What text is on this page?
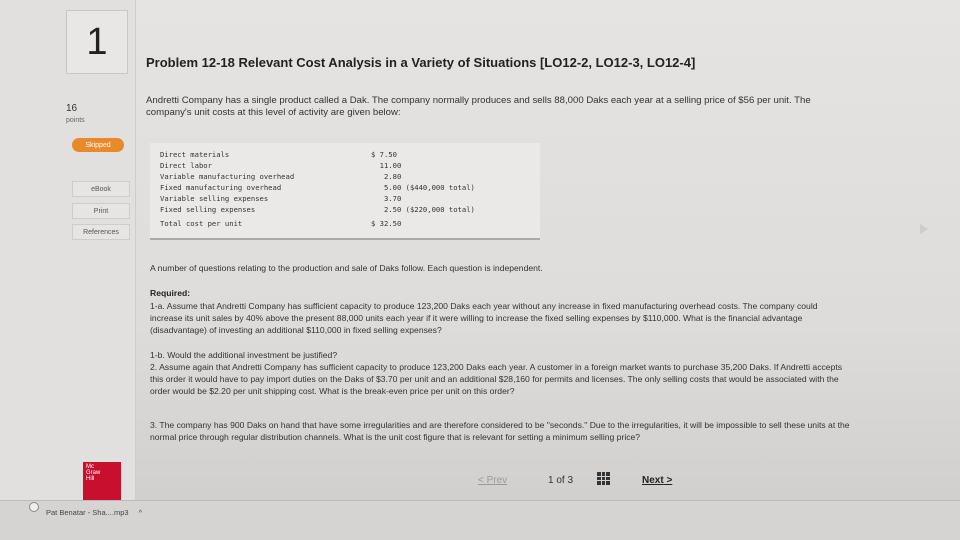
1
16
points
Skipped
eBook
Print
References
Mc
Graw
Hill
Problem 12-18 Relevant Cost Analysis in a Variety of Situations [LO12-2, LO12-3, LO12-4]
Andretti Company has a single product called a Dak. The company normally produces and sells 88,000 Daks each year at a selling price of $56 per unit. The company's unit costs at this level of activity are given below:
Direct materials	$ 7.50
Direct labor	11.00
Variable manufacturing overhead	2.80
Fixed manufacturing overhead	5.00 ($440,000 total)
Variable selling expenses	3.70
Fixed selling expenses	2.50 ($220,000 total)
Total cost per unit	$ 32.50
A number of questions relating to the production and sale of Daks follow. Each question is independent.
Required:
1-a. Assume that Andretti Company has sufficient capacity to produce 123,200 Daks each year without any increase in fixed manufacturing overhead costs. The company could increase its unit sales by 40% above the present 88,000 units each year if it were willing to increase the fixed selling expenses by $110,000. What is the financial advantage (disadvantage) of investing an additional $110,000 in fixed selling expenses?
1-b. Would the additional investment be justified?
2. Assume again that Andretti Company has sufficient capacity to produce 123,200 Daks each year. A customer in a foreign market wants to purchase 35,200 Daks. If Andretti accepts this order it would have to pay import duties on the Daks of $3.70 per unit and an additional $28,160 for permits and licenses. The only selling costs that would be associated with the order would be $2.20 per unit shipping cost. What is the break-even price per unit on this order?
3. The company has 900 Daks on hand that have some irregularities and are therefore considered to be "seconds." Due to the irregularities, it will be impossible to sell these units at the normal price through regular distribution channels. What is the unit cost figure that is relevant for setting a minimum selling price?
< Prev	1 of 3	Next >
Pat Benatar - Sha....mp3 ^
